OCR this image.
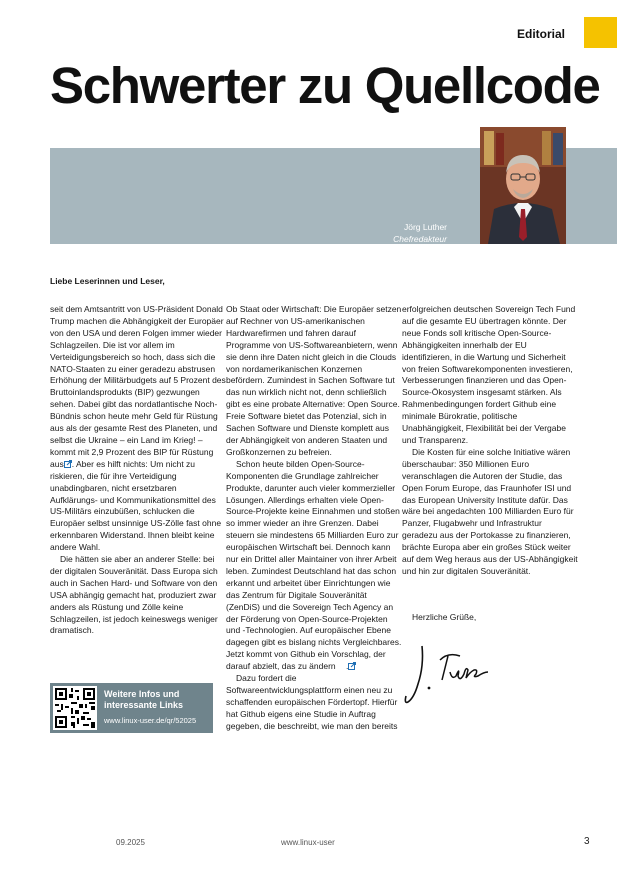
Editorial
Schwerter zu Quellcode
Jörg Luther
Chefredakteur
Liebe Leserinnen und Leser,

seit dem Amtsantritt von US-Präsident Donald Trump machen die Abhängigkeit der Europäer von den USA und deren Folgen immer wieder Schlagzeilen. Die ist vor allem im Verteidigungsbereich so hoch, dass sich die NATO-Staaten zu einer geradezu abstrusen Erhöhung der Militärbudgets auf 5 Prozent des Bruttoinlandsprodukts (BIP) gezwungen sehen. Dabei gibt das nordatlantische Noch-Bündnis schon heute mehr Geld für Rüstung aus als der gesamte Rest des Planeten, und selbst die Ukraine – ein Land im Krieg! – kommt mit 2,9 Prozent des BIP für Rüstung aus . Aber es hilft nichts: Um nicht zu riskieren, die für ihre Verteidigung unabdingbaren, nicht ersetzbaren Aufklärungs- und Kommunikationsmittel des US-Militärs einzubüßen, schlucken die Europäer selbst unsinnige US-Zölle fast ohne erkennbaren Widerstand. Ihnen bleibt keine andere Wahl.

Die hätten sie aber an anderer Stelle: bei der digitalen Souveränität. Dass Europa sich auch in Sachen Hard- und Software von den USA abhängig gemacht hat, produziert zwar anders als Rüstung und Zölle keine Schlagzeilen, ist jedoch keineswegs weniger dramatisch.

Ob Staat oder Wirtschaft: Die Europäer setzen auf Rechner von US-amerikanischen Hardwarefirmen und fahren darauf Programme von US-Softwareanbietern, wenn sie denn ihre Daten nicht gleich in die Clouds von nordamerikanischen Konzernen befördern. Zumindest in Sachen Software tut das nun wirklich nicht not, denn schließlich gibt es eine probate Alternative: Open Source. Freie Software bietet das Potenzial, sich in Sachen Software und Dienste komplett aus der Abhängigkeit von anderen Staaten und Großkonzernen zu befreien.

Schon heute bilden Open-Source-Komponenten die Grundlage zahlreicher Produkte, darunter auch vieler kommerzieller Lösungen. Allerdings erhalten viele Open-Source-Projekte keine Einnahmen und stoßen so immer wieder an ihre Grenzen. Dabei steuern sie mindestens 65 Milliarden Euro zur europäischen Wirtschaft bei. Dennoch kann nur ein Drittel aller Maintainer von ihrer Arbeit leben. Zumindest Deutschland hat das schon erkannt und arbeitet über Einrichtungen wie das Zentrum für Digitale Souveränität (ZenDiS) und die Sovereign Tech Agency an der Förderung von Open-Source-Projekten und -Technologien. Auf europäischer Ebene dagegen gibt es bislang nichts Vergleichbares. Jetzt kommt von Github ein Vorschlag, der darauf abzielt, das zu ändern .

Dazu fordert die Softwareentwicklungsplattform einen neu zu schaffenden europäischen Fördertopf. Hierfür hat Github eigens eine Studie in Auftrag gegeben, die beschreibt, wie man den bereits

erfolgreichen deutschen Sovereign Tech Fund auf die gesamte EU übertragen könnte. Der neue Fonds soll kritische Open-Source-Abhängigkeiten innerhalb der EU identifizieren, in die Wartung und Sicherheit von freien Softwarekomponenten investieren, Verbesserungen finanzieren und das Open-Source-Ökosystem insgesamt stärken. Als Rahmenbedingungen fordert Github eine minimale Bürokratie, politische Unabhängigkeit, Flexibilität bei der Vergabe und Transparenz.

Die Kosten für eine solche Initiative wären überschaubar: 350 Millionen Euro veranschlagen die Autoren der Studie, das Open Forum Europe, das Fraunhofer ISI und das European University Institute dafür. Das wäre bei angedachten 100 Milliarden Euro für Panzer, Flugabwehr und Infrastruktur geradezu aus der Portokasse zu finanzieren, brächte Europa aber ein großes Stück weiter auf dem Weg heraus aus der US-Abhängigkeit und hin zur digitalen Souveränität.

Herzliche Grüße,
Weitere Infos und interessante Links
www.linux-user.de/qr/52025
09.2025	www.linux-user	3
